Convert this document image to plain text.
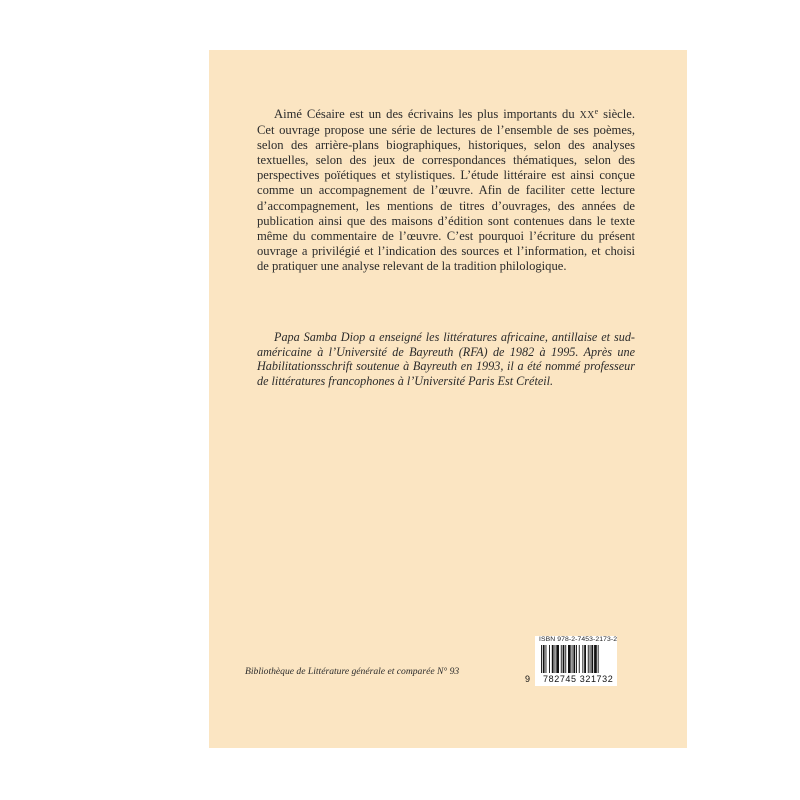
Aimé Césaire est un des écrivains les plus importants du XXe siècle. Cet ouvrage propose une série de lectures de l’ensemble de ses poèmes, selon des arrière-plans biographiques, historiques, selon des analyses textuelles, selon des jeux de correspondances thématiques, selon des perspectives poïétiques et stylistiques. L’étude littéraire est ainsi conçue comme un accompagnement de l’œuvre. Afin de faciliter cette lecture d’accompagnement, les mentions de titres d’ouvrages, des années de publication ainsi que des maisons d’édition sont contenues dans le texte même du commentaire de l’œuvre. C’est pourquoi l’écriture du présent ouvrage a privilégié et l’indication des sources et l’information, et choisi de pratiquer une analyse relevant de la tradition philologique.

Papa Samba Diop a enseigné les littératures africaine, antillaise et sud-américaine à l’Université de Bayreuth (RFA) de 1982 à 1995. Après une Habilitationsschrift soutenue à Bayreuth en 1993, il a été nommé professeur de littératures francophones à l’Université Paris Est Créteil.

Bibliothèque de Littérature générale et comparée N° 93
9
ISBN 978-2-7453-2173-2
782745 321732
